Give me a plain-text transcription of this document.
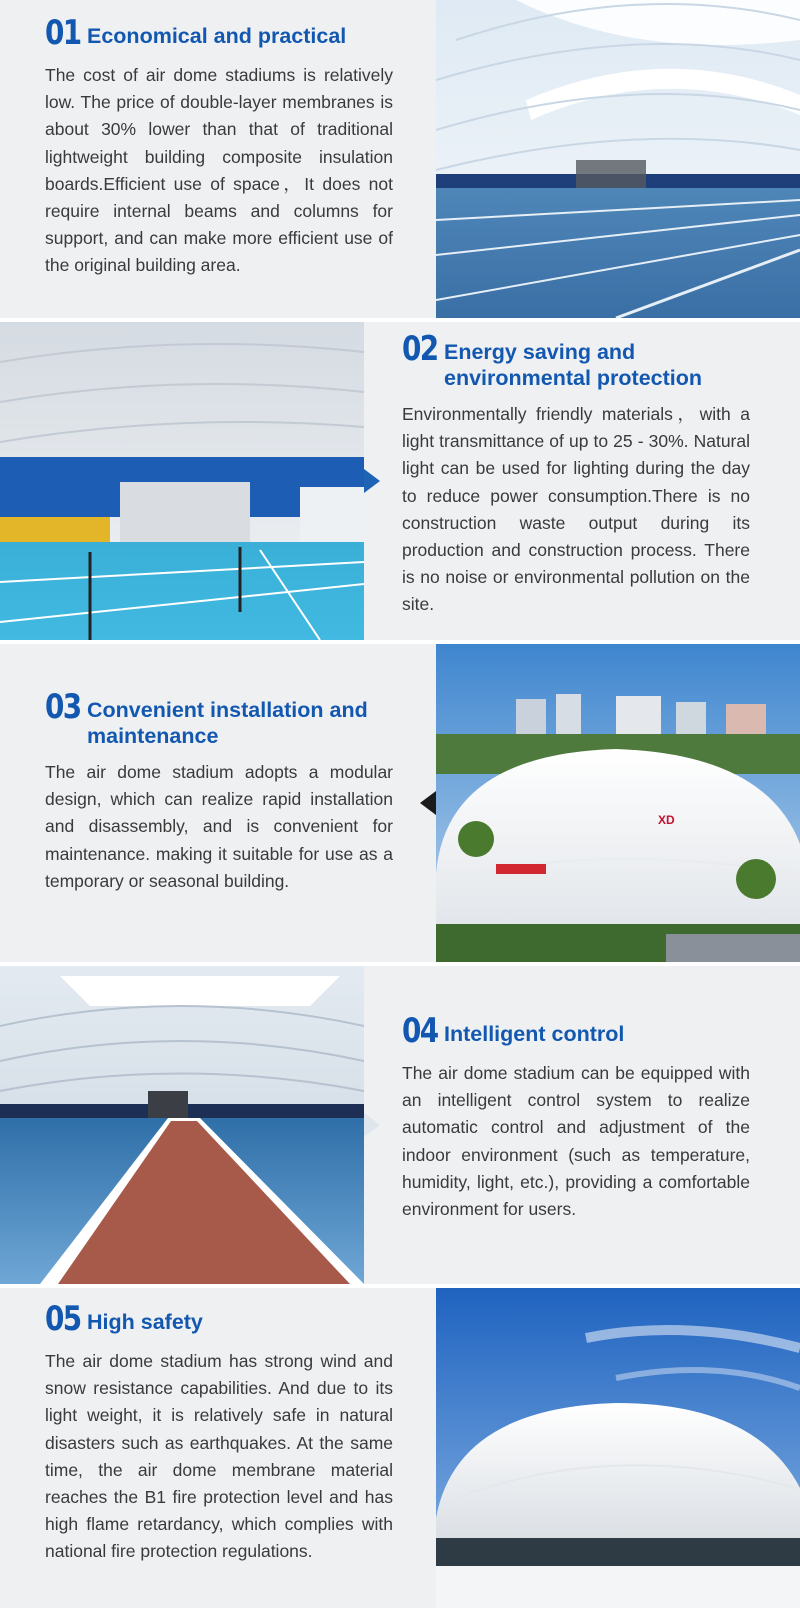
01 Economical and practical

The cost of air dome stadiums is relatively low. The price of double-layer membranes is about 30% lower than that of traditional lightweight building composite insulation boards.Efficient use of space，It does not require internal beams and columns for support, and can make more efficient use of the original building area.

02 Energy saving and environmental protection

Environmentally friendly materials，with a light transmittance of up to 25 - 30%. Natural light can be used for lighting during the day to reduce power consumption.There is no construction waste output during its production and construction process. There is no noise or environmental pollution on the site.

03 Convenient installation and maintenance

The air dome stadium adopts a modular design, which can realize rapid installation and disassembly, and is convenient for maintenance. making it suitable for use as a temporary or seasonal building.

XD
04 Intelligent control

The air dome stadium can be equipped with an intelligent control system to realize automatic control and adjustment of the indoor environment (such as temperature, humidity, light, etc.), providing a comfortable environment for users.

05 High safety

The air dome stadium has strong wind and snow resistance capabilities. And due to its light weight, it is relatively safe in natural disasters such as earthquakes. At the same time, the air dome membrane material reaches the B1 fire protection level and has high flame retardancy, which complies with national fire protection regulations.
